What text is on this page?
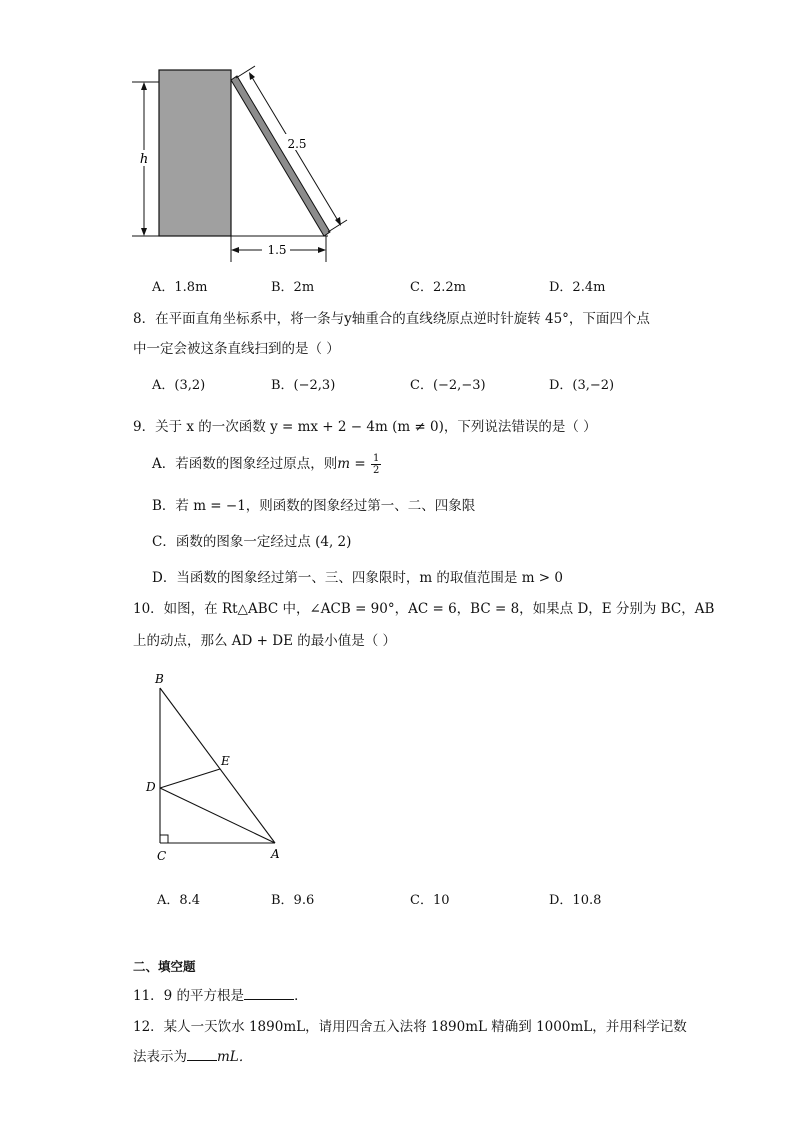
h
2.5
1.5
A．1.8m	B．2m	C．2.2m	D．2.4m
8．在平面直角坐标系中，将一条与y轴重合的直线绕原点逆时针旋转 45°，下面四个点
中一定会被这条直线扫到的是（ ）
A．(3,2)	B．(−2,3)	C．(−2,−3)	D．(3,−2)
9．关于 x 的一次函数 y = mx + 2 − 4m (m ≠ 0)，下列说法错误的是（ ）
A．若函数的图象经过原点，则$m = \frac{1}{2}$
B．若 m = −1，则函数的图象经过第一、二、四象限
C．函数的图象一定经过点 (4, 2)
D．当函数的图象经过第一、三、四象限时，m 的取值范围是 m > 0
10．如图，在 Rt△ABC 中，∠ACB = 90°，AC = 6，BC = 8，如果点 D，E 分别为 BC，AB
上的动点，那么 AD + DE 的最小值是（ ）
B
E
D
C	A
A．8.4	B．9.6	C．10	D．10.8
二、填空题
11．9 的平方根是	．
12．某人一天饮水 1890mL，请用四舍五入法将 1890mL 精确到 1000mL，并用科学记数
法表示为 mL．
